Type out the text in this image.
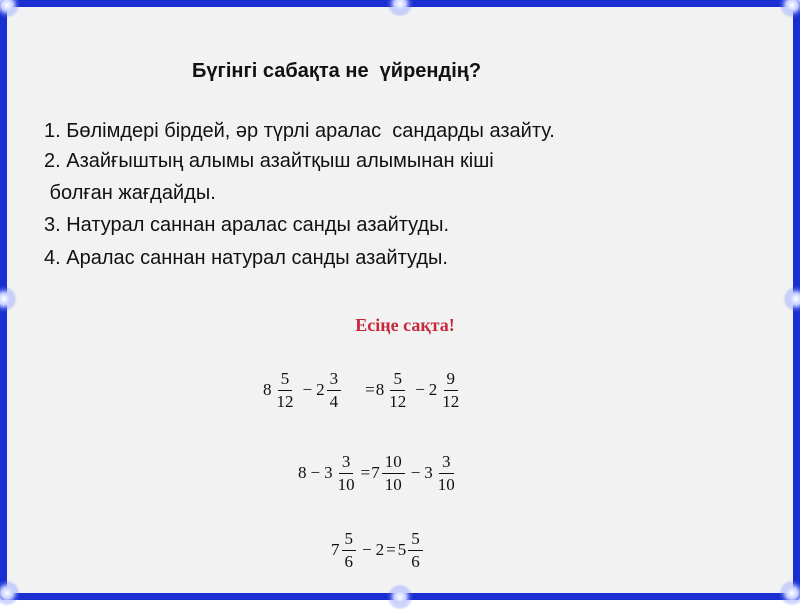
Бүгінгі сабақта не  үйрендің?
1. Бөлімдері бірдей, әр түрлі аралас  сандарды азайту.
2. Азайғыштың алымы азайтқыш алымынан кіші
болған жағдайды.
3. Натурал саннан аралас санды азайтуды.
4. Аралас саннан натурал санды азайтуды.
Есіңе сақта!
$8 \frac{5}{12} - 2 \frac{3}{4} = 8 \frac{5}{12} - 2 \frac{9}{12}$
$8 - 3 \frac{3}{10} = 7 \frac{10}{10} - 3 \frac{3}{10}$
$7 \frac{5}{6} - 2 = 5 \frac{5}{6}$
